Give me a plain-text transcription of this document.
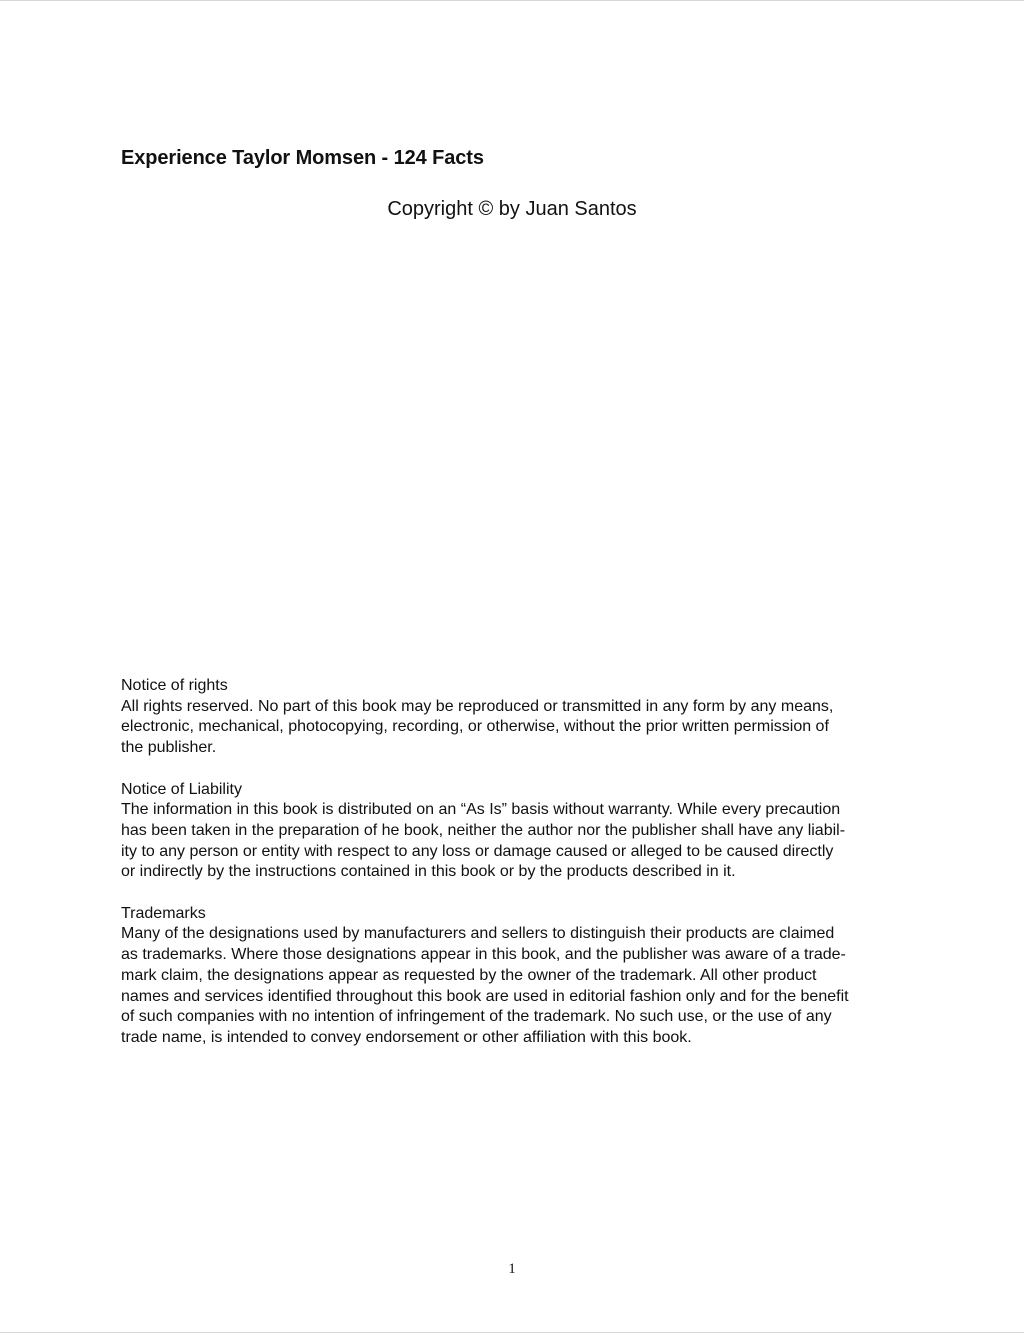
Experience Taylor Momsen - 124 Facts
Copyright © by Juan Santos

Notice of rights

All rights reserved. No part of this book may be reproduced or transmitted in any form by any means,
electronic, mechanical, photocopying, recording, or otherwise, without the prior written permission of
the publisher.

Notice of Liability

The information in this book is distributed on an “As Is” basis without warranty. While every precaution
has been taken in the preparation of he book, neither the author nor the publisher shall have any liabil-
ity to any person or entity with respect to any loss or damage caused or alleged to be caused directly
or indirectly by the instructions contained in this book or by the products described in it.

Trademarks

Many of the designations used by manufacturers and sellers to distinguish their products are claimed
as trademarks. Where those designations appear in this book, and the publisher was aware of a trade-
mark claim, the designations appear as requested by the owner of the trademark. All other product
names and services identified throughout this book are used in editorial fashion only and for the benefit
of such companies with no intention of infringement of the trademark. No such use, or the use of any
trade name, is intended to convey endorsement or other affiliation with this book.

1
